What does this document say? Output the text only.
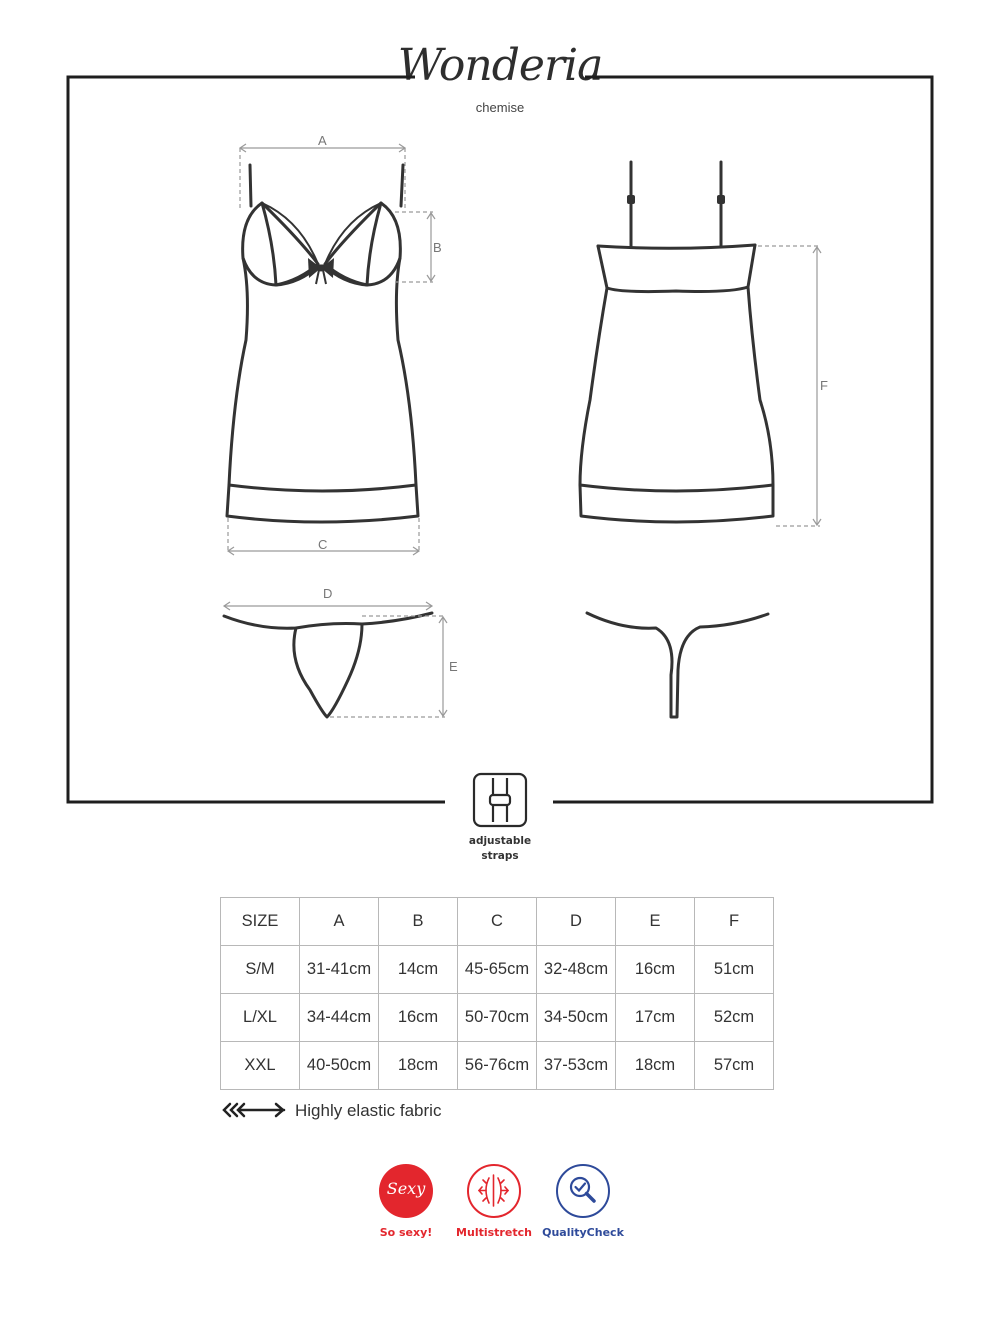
Wonderia
chemise
A
B
C
D
E
F
adjustable
straps
SIZE	A	B	C	D	E	F
S/M	31-41cm	14cm	45-65cm	32-48cm	16cm	51cm
L/XL	34-44cm	16cm	50-70cm	34-50cm	17cm	52cm
XXL	40-50cm	18cm	56-76cm	37-53cm	18cm	57cm
Highly elastic fabric
Sexy
So sexy!	Multistretch QualityCheck
